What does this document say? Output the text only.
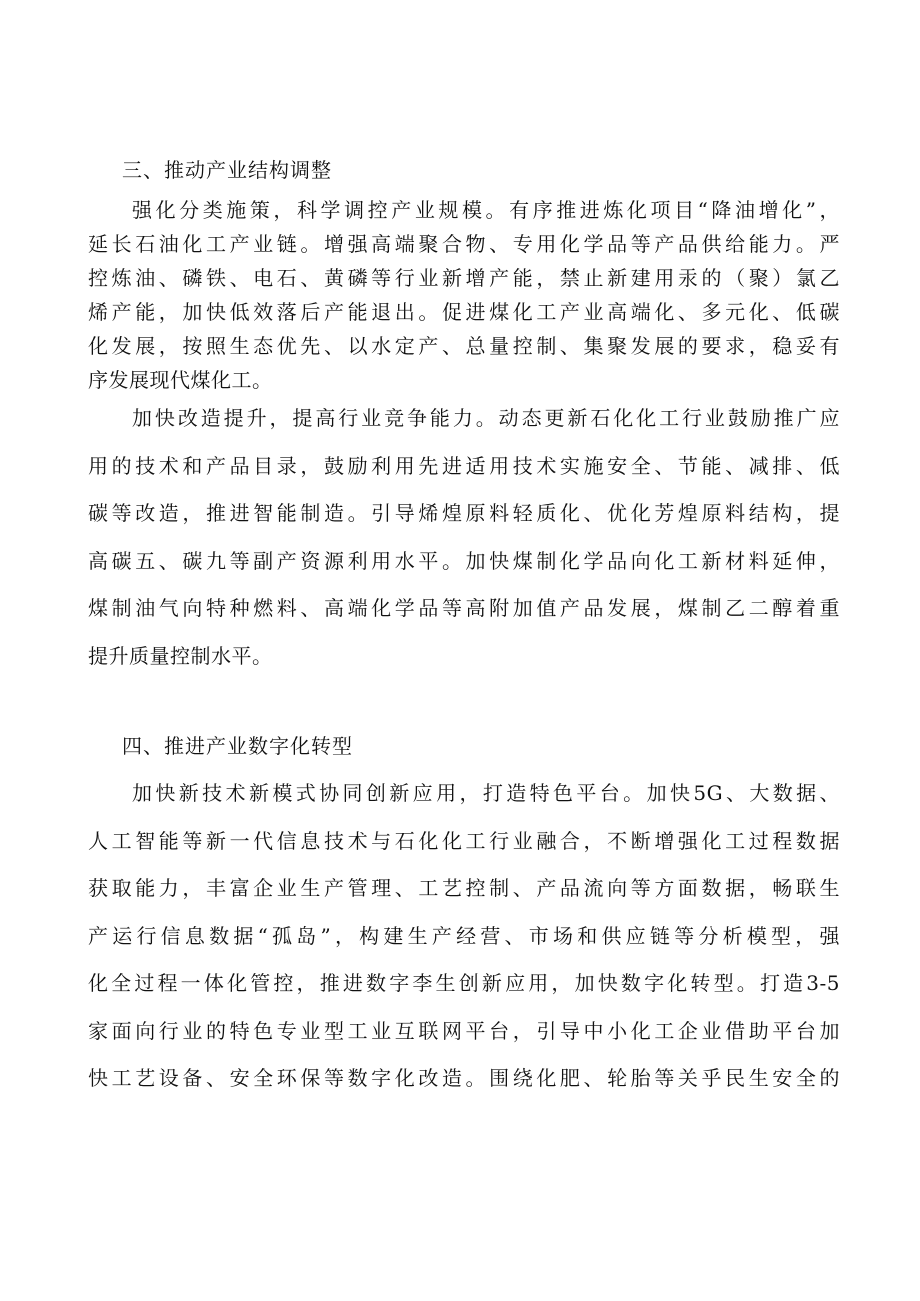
三、推动产业结构调整
强化分类施策，科学调控产业规模。有序推进炼化项目“降油增化”，
延长石油化工产业链。增强高端聚合物、专用化学品等产品供给能力。严
控炼油、磷铁、电石、黄磷等行业新增产能，禁止新建用汞的（聚）氯乙
烯产能，加快低效落后产能退出。促进煤化工产业高端化、多元化、低碳
化发展，按照生态优先、以水定产、总量控制、集聚发展的要求，稳妥有
序发展现代煤化工。
加快改造提升，提高行业竞争能力。动态更新石化化工行业鼓励推广应
用的技术和产品目录，鼓励利用先进适用技术实施安全、节能、减排、低
碳等改造，推进智能制造。引导烯煌原料轻质化、优化芳煌原料结构，提
高碳五、碳九等副产资源利用水平。加快煤制化学品向化工新材料延伸，
煤制油气向特种燃料、高端化学品等高附加值产品发展，煤制乙二醇着重
提升质量控制水平。
四、推进产业数字化转型
加快新技术新模式协同创新应用，打造特色平台。加快5G、大数据、
人工智能等新一代信息技术与石化化工行业融合，不断增强化工过程数据
获取能力，丰富企业生产管理、工艺控制、产品流向等方面数据，畅联生
产运行信息数据“孤岛”，构建生产经营、市场和供应链等分析模型，强
化全过程一体化管控，推进数字李生创新应用，加快数字化转型。打造3-5
家面向行业的特色专业型工业互联网平台，引导中小化工企业借助平台加
快工艺设备、安全环保等数字化改造。围绕化肥、轮胎等关乎民生安全的
